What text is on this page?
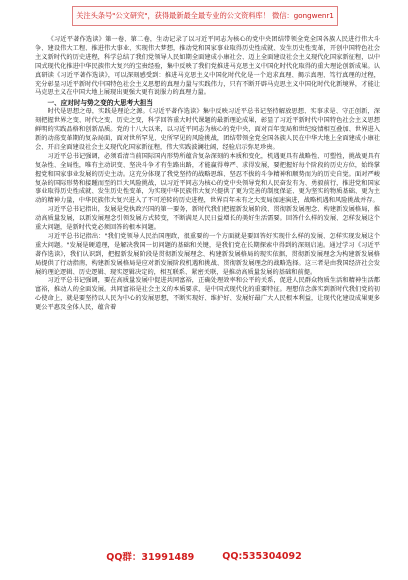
关注头条号"公文研究"，获得最新最全最专业的公文资料库！ 微信：gongwenr1

《习近平著作选读》第一卷、第二卷，生动记录了以习近平同志为核心的党中央团结带领全党全国各族人民进行伟大斗争、建设伟大工程、推进伟大事业、实现伟大梦想，推动党和国家事业取得历史性成就、发生历史性变革，开创中国特色社会主义新时代的历史进程，科学总结了我们党领导人民如期全面建成小康社会、迈上全面建设社会主义现代化国家新征程，以中国式现代化推进中华民族伟大复兴的宝贵经验，集中反映了我们党推进马克思主义中国化时代化取得的重大理论创新成果。认真研读《习近平著作选读》，可以深刻感受到：推进马克思主义中国化时代化是一个追求真理、揭示真理、笃行真理的过程，充分彰显习近平新时代中国特色社会主义思想的真理力量与实践伟力，只有不断开辟马克思主义中国化时代化新境界，才能让马克思主义在中国大地上展现出更强大更有说服力的真理力量。

一、应对时与势之变的大思考大担当

时代是思想之母，实践是理论之源。《习近平著作选读》集中反映习近平总书记坚持解放思想、实事求是、守正创新，深刻把握世界之变、时代之变、历史之变，科学回答重大时代课题的最新理论成果，彰显了习近平新时代中国特色社会主义思想鲜明的实践品格和创新品质。党的十八大以来，以习近平同志为核心的党中央，面对百年变局和世纪疫情相互叠加、世界进入新的动荡变革期的复杂局面，面对世所罕见、史所罕见的风险挑战，团结带领全党全国各族人民在中华大地上全面建成小康社会、开启全面建设社会主义现代化国家新征程，伟大实践波澜壮阔，经验启示弥足珍贵。

习近平总书记强调，必须看清当前国际国内形势所蕴含复杂深刻的本质和变化，机遇更具有战略性、可塑性，挑战更具有复杂性、全局性，唯有主动识变、坚决斗争才有生路出路，才能赢得尊严、求得发展，要把握好每个阶段的历史方位，始终掌握党和国家事业发展的历史主动。这充分体现了我党坚持的战略思维、坚忍不拔的斗争精神和顺势而为的历史自觉。面对严峻复杂的国际形势和接踵而至的巨大风险挑战，以习近平同志为核心的党中央领导党和人民奋发有为、勇毅前行，推进党和国家事业取得历史性成就、发生历史性变革，为实现中华民族伟大复兴提供了更为完善的制度保证、更为坚实的物质基础、更为主动的精神力量，中华民族伟大复兴进入了不可逆转的历史进程，世界百年未有之大变局加速演进，战略机遇和风险挑战并存。

习近平总书记指出，发展是党执政兴国的第一要务，新时代我们把握新发展阶段、贯彻新发展理念、构建新发展格局，推动高质量发展，以新发展理念引领发展方式转变，不断满足人民日益增长的美好生活需要。回答什么样的发展、怎样发展这个重大问题，是新时代党必须回答的根本问题。

习近平总书记指出："我们党领导人民治国理政，很重要的一个方面就是要回答好实现什么样的发展、怎样实现发展这个重大问题。"发展是硬道理，是解决我国一切问题的基础和关键，是我们党在长期探索中得到的深刻启迪。通过学习《习近平著作选读》，我们认识到，把握新发展阶段是贯彻新发展理念、构建新发展格局的现实依据，贯彻新发展理念为构建新发展格局提供了行动指南，构建新发展格局是应对新发展阶段机遇和挑战、贯彻新发展理念的战略选择。这三者是由我国经济社会发展的理论逻辑、历史逻辑、现实逻辑决定的，相互联系、紧密关联，是推动高质量发展的基础和前提。

习近平总书记强调，要在高质量发展中促进共同富裕，正确处理效率和公平的关系，促进人民群众物质生活和精神生活都富裕，推动人的全面发展。共同富裕是社会主义的本质要求，是中国式现代化的重要特征。理想信念落实到新时代我们党的初心使命上，就是要坚持以人民为中心的发展思想，不断实现好、维护好、发展好最广大人民根本利益，让现代化建设成果更多更公平惠及全体人民，蕴含着

QQ群：31991489	QQ:535304092
